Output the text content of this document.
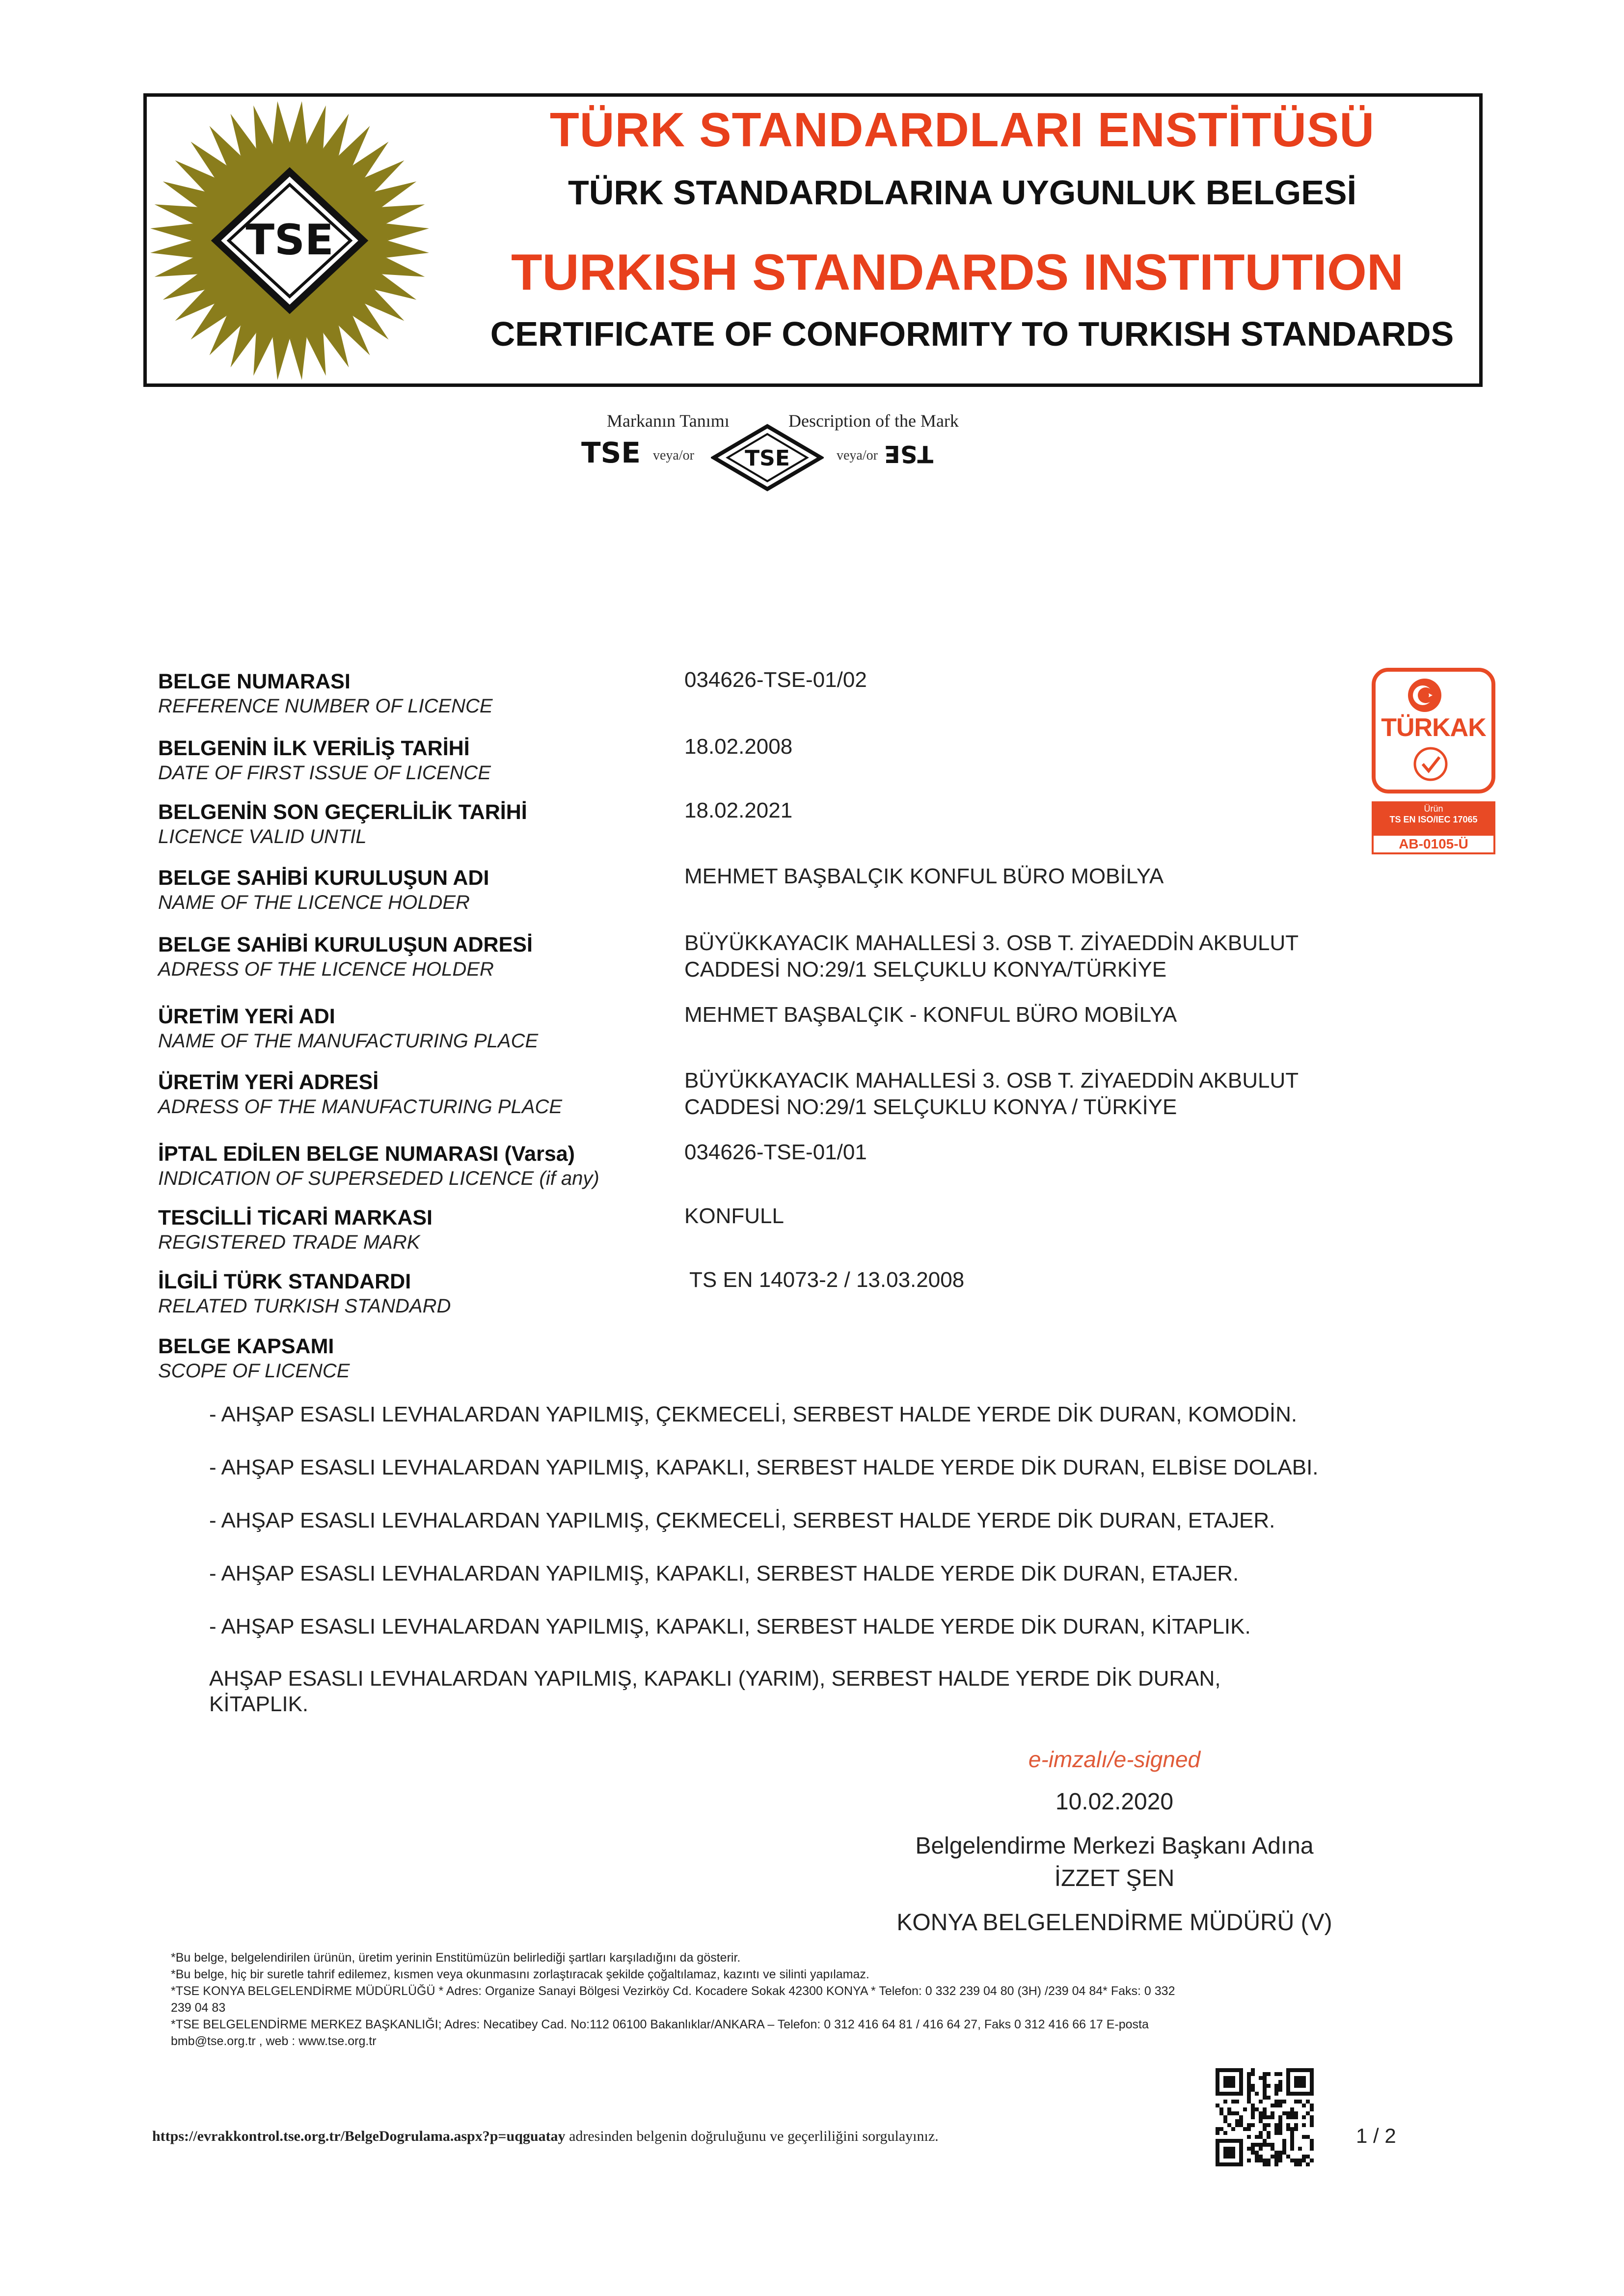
TSE
TÜRK STANDARDLARI ENSTİTÜSÜ
TÜRK STANDARDLARINA UYGUNLUK BELGESİ
TURKISH STANDARDS INSTITUTION
CERTIFICATE OF CONFORMITY TO TURKISH STANDARDS
Markanın Tanımı	Description of the Mark
TSE veya/or TSE	veya/or TSE
BELGE NUMARASI
REFERENCE NUMBER OF LICENCE
034626-TSE-01/02
BELGENİN İLK VERİLİŞ TARİHİ
DATE OF FIRST ISSUE OF LICENCE
18.02.2008
BELGENİN SON GEÇERLİLİK TARİHİ
LICENCE VALID UNTIL
18.02.2021
BELGE SAHİBİ KURULUŞUN ADI
NAME OF THE LICENCE HOLDER
MEHMET BAŞBALÇIK KONFUL BÜRO MOBİLYA
BELGE SAHİBİ KURULUŞUN ADRESİ
ADRESS OF THE LICENCE HOLDER
BÜYÜKKAYACIK MAHALLESİ 3. OSB T. ZİYAEDDİN AKBULUT
CADDESİ NO:29/1 SELÇUKLU KONYA/TÜRKİYE
ÜRETİM YERİ ADI
NAME OF THE MANUFACTURING PLACE
MEHMET BAŞBALÇIK - KONFUL BÜRO MOBİLYA
ÜRETİM YERİ ADRESİ
ADRESS OF THE MANUFACTURING PLACE
BÜYÜKKAYACIK MAHALLESİ 3. OSB T. ZİYAEDDİN AKBULUT
CADDESİ NO:29/1 SELÇUKLU KONYA / TÜRKİYE
İPTAL EDİLEN BELGE NUMARASI (Varsa)
INDICATION OF SUPERSEDED LICENCE (if any)
034626-TSE-01/01
TESCİLLİ TİCARİ MARKASI
REGISTERED TRADE MARK
KONFULL
İLGİLİ TÜRK STANDARDI
RELATED TURKISH STANDARD
TS EN 14073-2 / 13.03.2008
BELGE KAPSAMI
SCOPE OF LICENCE
TÜRKAK
Ürün
TS EN ISO/IEC 17065
AB-0105-Ü
- AHŞAP ESASLI LEVHALARDAN YAPILMIŞ, ÇEKMECELİ, SERBEST HALDE YERDE DİK DURAN, KOMODİN.
- AHŞAP ESASLI LEVHALARDAN YAPILMIŞ, KAPAKLI, SERBEST HALDE YERDE DİK DURAN, ELBİSE DOLABI.
- AHŞAP ESASLI LEVHALARDAN YAPILMIŞ, ÇEKMECELİ, SERBEST HALDE YERDE DİK DURAN, ETAJER.
- AHŞAP ESASLI LEVHALARDAN YAPILMIŞ, KAPAKLI, SERBEST HALDE YERDE DİK DURAN, ETAJER.
- AHŞAP ESASLI LEVHALARDAN YAPILMIŞ, KAPAKLI, SERBEST HALDE YERDE DİK DURAN, KİTAPLIK.
AHŞAP ESASLI LEVHALARDAN YAPILMIŞ, KAPAKLI (YARIM), SERBEST HALDE YERDE DİK DURAN,
KİTAPLIK.
e-imzalı/e-signed
10.02.2020
Belgelendirme Merkezi Başkanı Adına
İZZET ŞEN
KONYA BELGELENDİRME MÜDÜRÜ (V)
*Bu belge, belgelendirilen ürünün, üretim yerinin Enstitümüzün belirlediği şartları karşıladığını da gösterir.
*Bu belge, hiç bir suretle tahrif edilemez, kısmen veya okunmasını zorlaştıracak şekilde çoğaltılamaz, kazıntı ve silinti yapılamaz.
*TSE KONYA BELGELENDİRME MÜDÜRLÜĞÜ * Adres: Organize Sanayi Bölgesi Vezirköy Cd. Kocadere Sokak 42300 KONYA * Telefon: 0 332 239 04 80 (3H) /239 04 84* Faks: 0 332
239 04 83
*TSE BELGELENDİRME MERKEZ BAŞKANLIĞI; Adres: Necatibey Cad. No:112 06100 Bakanlıklar/ANKARA – Telefon: 0 312 416 64 81 / 416 64 27, Faks 0 312 416 66 17 E-posta
bmb@tse.org.tr , web : www.tse.org.tr
https://evrakkontrol.tse.org.tr/BelgeDogrulama.aspx?p=uqguatay adresinden belgenin doğruluğunu ve geçerliliğini sorgulayınız.	1 / 2
